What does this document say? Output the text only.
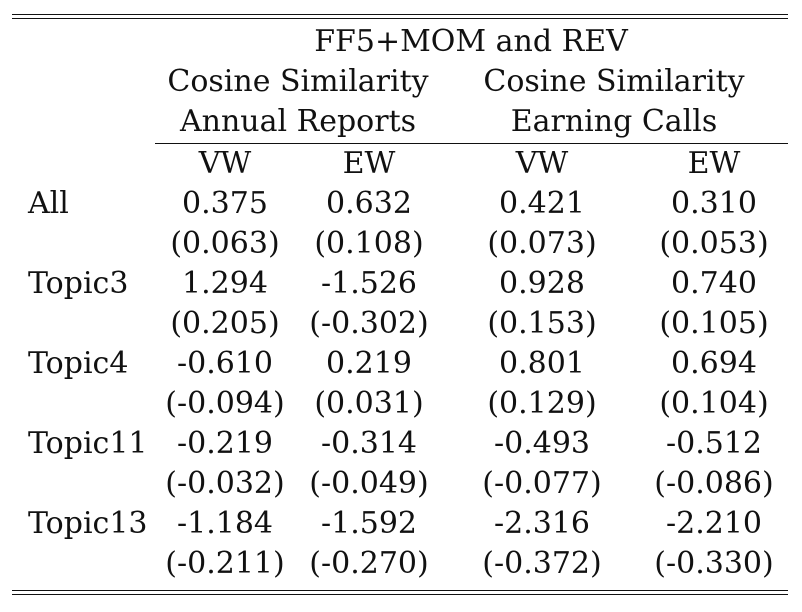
FF5+MOM and REV
Cosine Similarity
Annual Reports
Cosine Similarity
Earning Calls
VW	EW	VW	EW
All	0.375 0.632	0.421	0.310
(0.063) (0.108) (0.073) (0.053)
Topic3 1.294 -1.526	0.928	0.740
(0.205) (-0.302) (0.153) (0.105)
Topic4 -0.610 0.219	0.801	0.694
(-0.094) (0.031) (0.129) (0.104)
Topic11 -0.219 -0.314	-0.493	-0.512
(-0.032) (-0.049) (-0.077) (-0.086)
Topic13 -1.184 -1.592	-2.316	-2.210
(-0.211) (-0.270) (-0.372) (-0.330)
